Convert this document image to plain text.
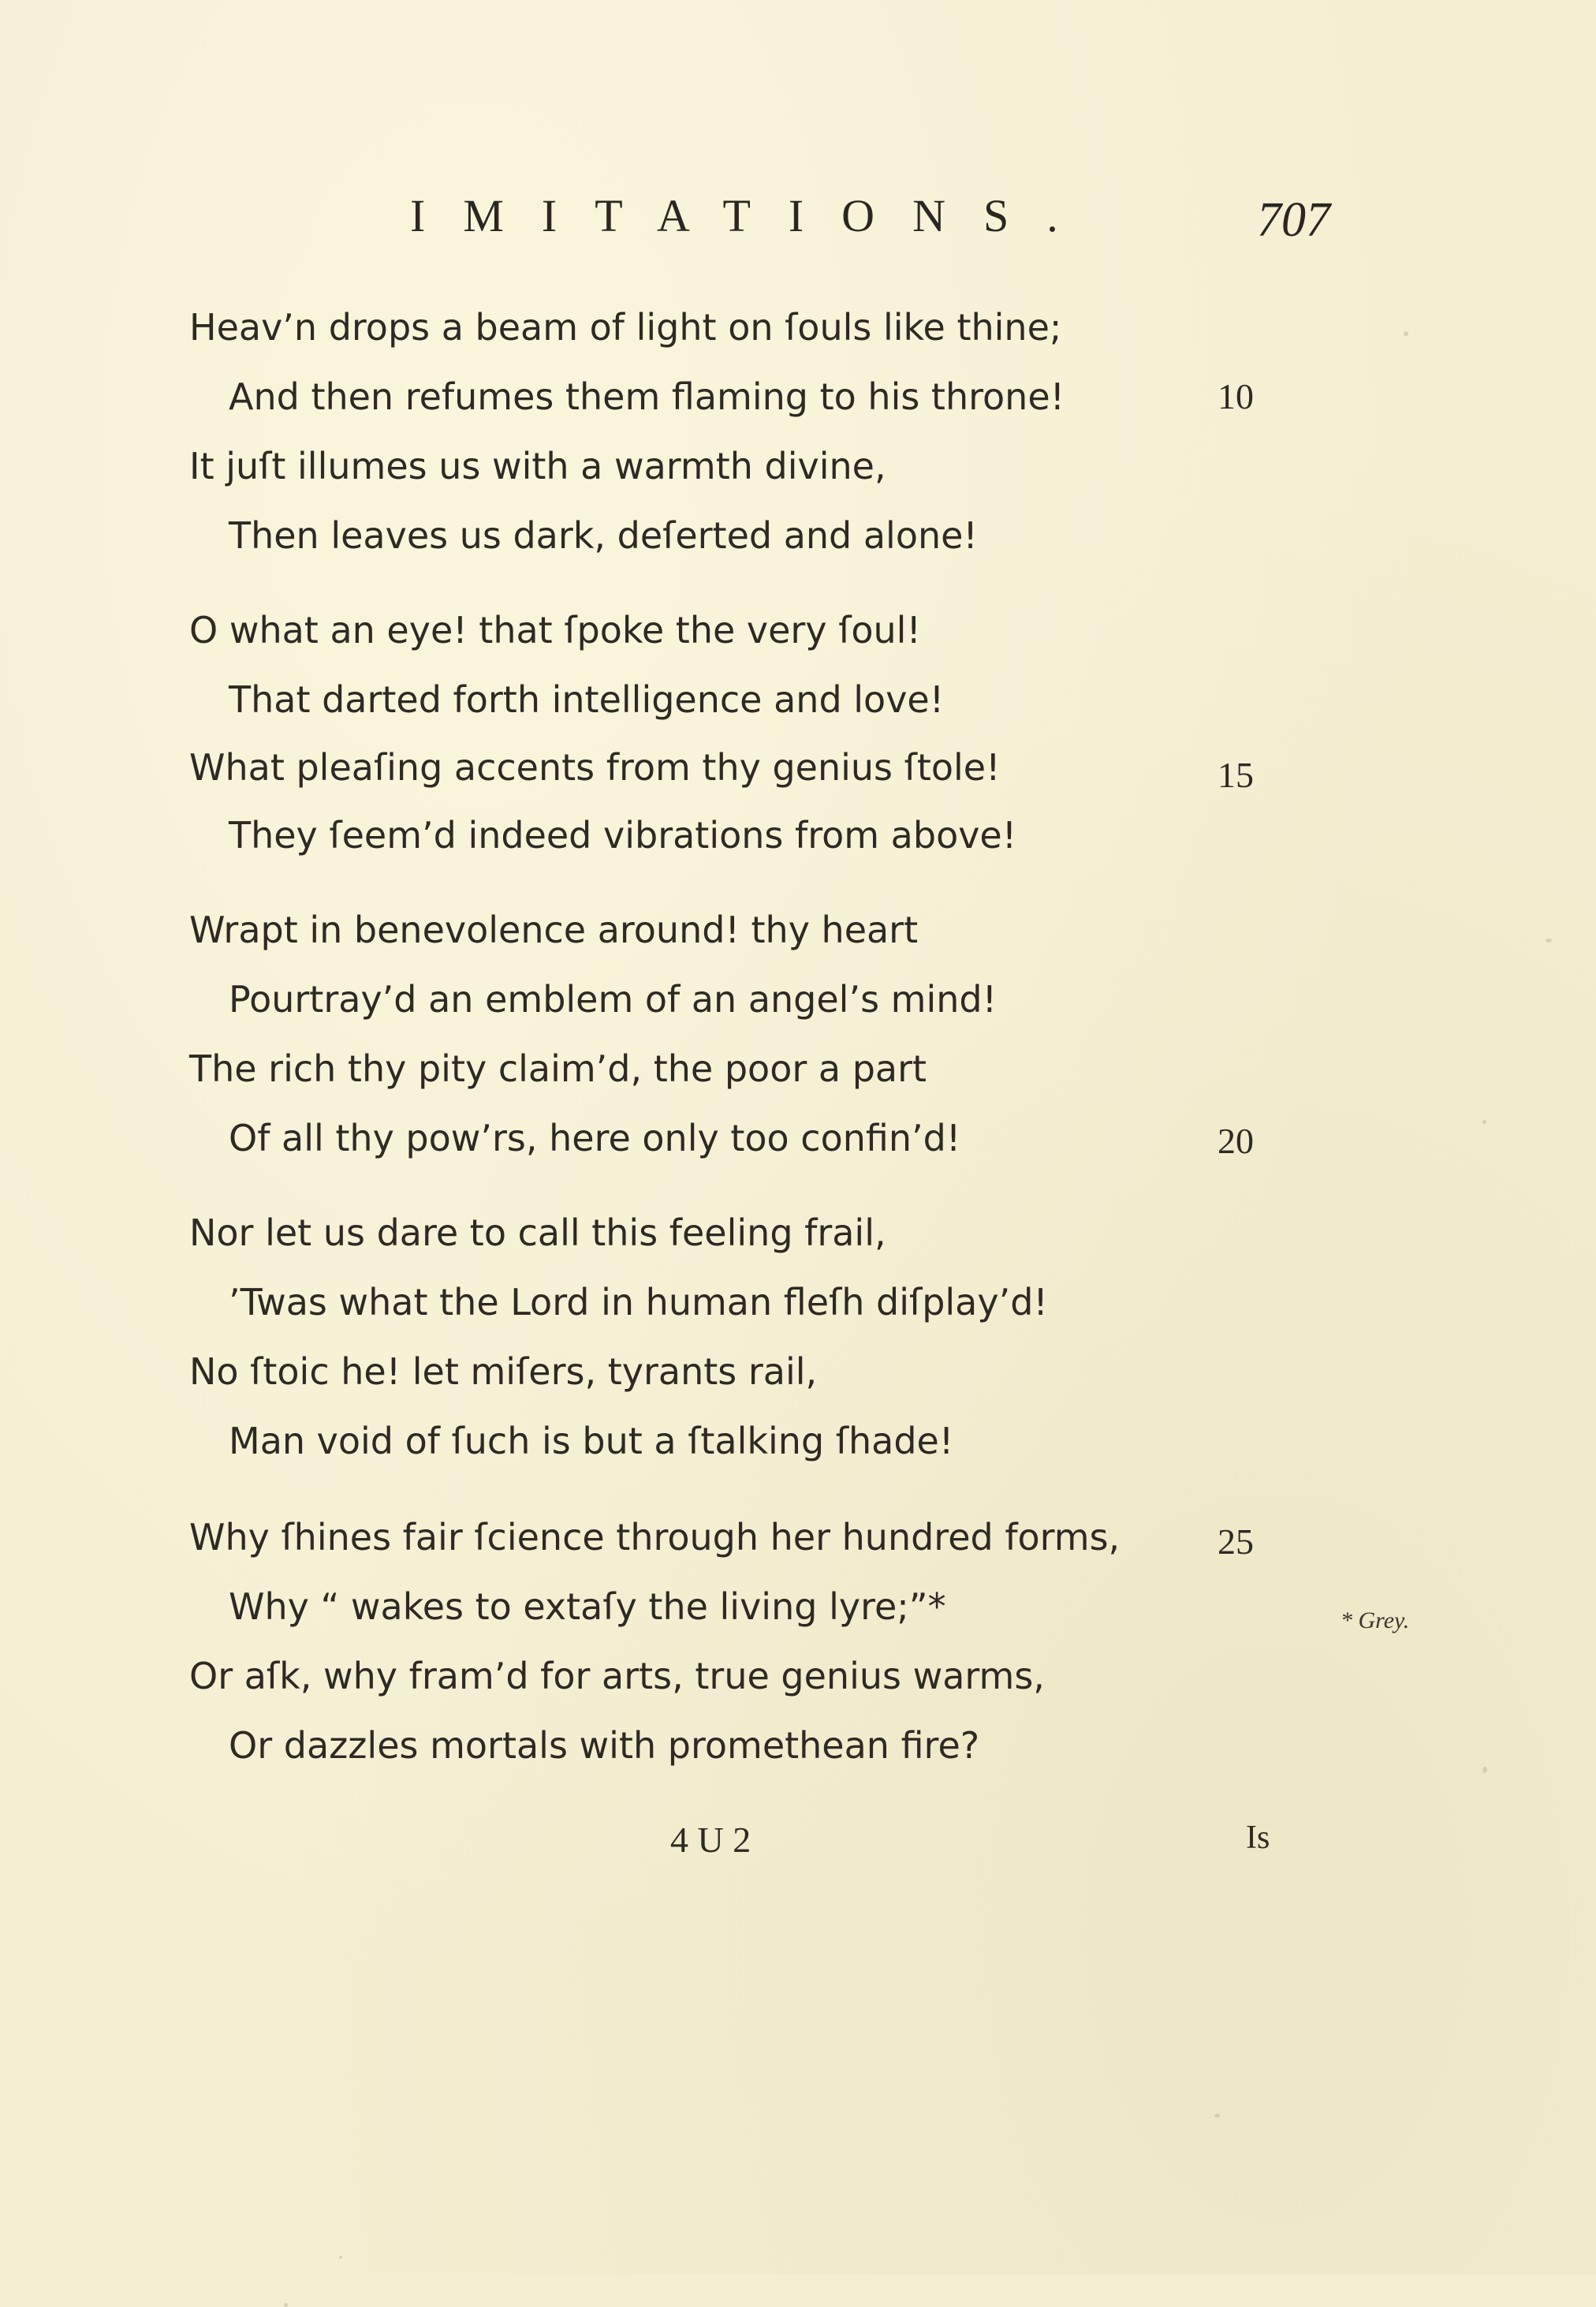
IMITATIONS.	707
Heav’n drops a beam of light on ſouls like thine;
And then refumes them flaming to his throne!	10
It juſt illumes us with a warmth divine,
Then leaves us dark, deſerted and alone!
O what an eye! that ſpoke the very ſoul!
That darted forth intelligence and love!
What pleaſing accents from thy genius ſtole!	15
They ſeem’d indeed vibrations from above!
Wrapt in benevolence around! thy heart
Pourtray’d an emblem of an angel’s mind!
The rich thy pity claim’d, the poor a part
Of all thy pow’rs, here only too confin’d!	20
Nor let us dare to call this feeling frail,
’Twas what the Lord in human fleſh diſplay’d!
No ſtoic he! let miſers, tyrants rail,
Man void of ſuch is but a ſtalking ſhade!
Why ſhines fair ſcience through her hundred forms,	25
Why “ wakes to extaſy the living lyre;”*
Or aſk, why fram’d for arts, true genius warms,
Or dazzles mortals with promethean fire?
* Grey.
4 U 2	Is
